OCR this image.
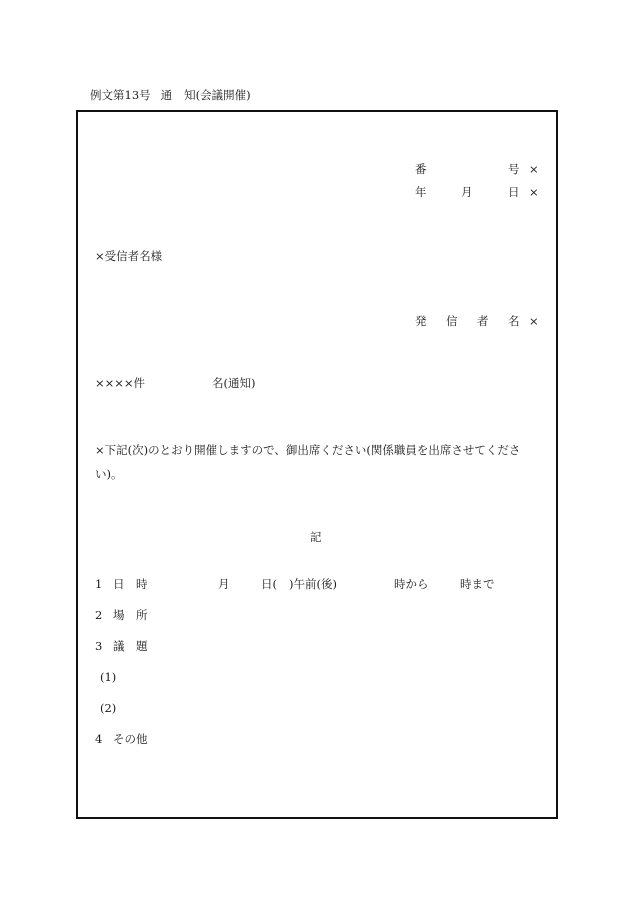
例文第13号 通 知(会議開催)
番	号 ×
年	月	日 ×
×受信者名様
発 信 者 名 ×
××××件	名(通知)
×下記(次)のとおり開催しますので、御出席ください(関係職員を出席させてください)。
記
1 日 時	月	日( )午前(後)	時から	時まで
2 場 所
3 議 題
(1)
(2)
4 その他
